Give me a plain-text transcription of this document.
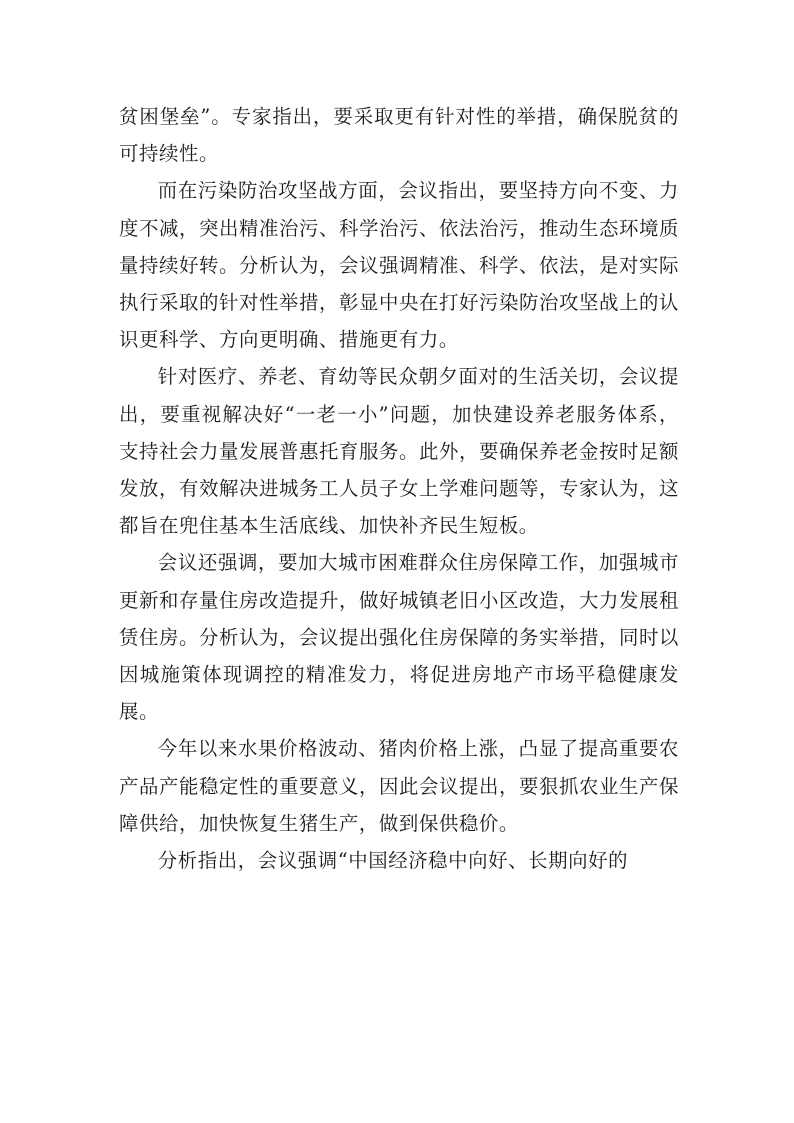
贫困堡垒”。专家指出，要采取更有针对性的举措，确保脱贫的可持续性。

而在污染防治攻坚战方面，会议指出，要坚持方向不变、力度不减，突出精准治污、科学治污、依法治污，推动生态环境质量持续好转。分析认为，会议强调精准、科学、依法，是对实际执行采取的针对性举措，彰显中央在打好污染防治攻坚战上的认识更科学、方向更明确、措施更有力。

针对医疗、养老、育幼等民众朝夕面对的生活关切，会议提出，要重视解决好“一老一小”问题，加快建设养老服务体系，支持社会力量发展普惠托育服务。此外，要确保养老金按时足额发放，有效解决进城务工人员子女上学难问题等，专家认为，这都旨在兜住基本生活底线、加快补齐民生短板。

会议还强调，要加大城市困难群众住房保障工作，加强城市更新和存量住房改造提升，做好城镇老旧小区改造，大力发展租赁住房。分析认为，会议提出强化住房保障的务实举措，同时以因城施策体现调控的精准发力，将促进房地产市场平稳健康发展。

今年以来水果价格波动、猪肉价格上涨，凸显了提高重要农产品产能稳定性的重要意义，因此会议提出，要狠抓农业生产保障供给，加快恢复生猪生产，做到保供稳价。

分析指出，会议强调“中国经济稳中向好、长期向好的
